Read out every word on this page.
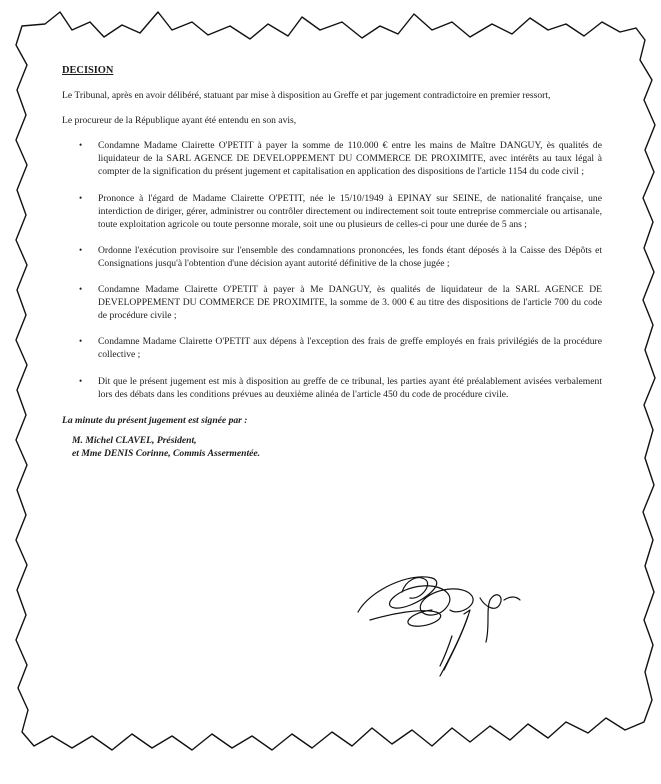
DECISION

Le Tribunal, après en avoir délibéré, statuant par mise à disposition au Greffe et par jugement contradictoire en premier ressort,

Le procureur de la République ayant été entendu en son avis,

• Condamne Madame Clairette O'PETIT à payer la somme de 110.000 € entre les mains de Maître DANGUY, ès qualités de liquidateur de la SARL AGENCE DE DEVELOPPEMENT DU COMMERCE DE PROXIMITE, avec intérêts au taux légal à compter de la signification du présent jugement et capitalisation en application des dispositions de l'article 1154 du code civil ;
• Prononce à l'égard de Madame Clairette O'PETIT, née le 15/10/1949 à EPINAY sur SEINE, de nationalité française, une interdiction de diriger, gérer, administrer ou contrôler directement ou indirectement soit toute entreprise commerciale ou artisanale, toute exploitation agricole ou toute personne morale, soit une ou plusieurs de celles-ci pour une durée de 5 ans ;
• Ordonne l'exécution provisoire sur l'ensemble des condamnations prononcées, les fonds étant déposés à la Caisse des Dépôts et Consignations jusqu'à l'obtention d'une décision ayant autorité définitive de la chose jugée ;
• Condamne Madame Clairette O'PETIT à payer à Me DANGUY, ès qualités de liquidateur de la SARL AGENCE DE DEVELOPPEMENT DU COMMERCE DE PROXIMITE, la somme de 3. 000 € au titre des dispositions de l'article 700 du code de procédure civile ;
• Condamne Madame Clairette O'PETIT aux dépens à l'exception des frais de greffe employés en frais privilégiés de la procédure collective ;
• Dit que le présent jugement est mis à disposition au greffe de ce tribunal, les parties ayant été préalablement avisées verbalement lors des débats dans les conditions prévues au deuxième alinéa de l'article 450 du code de procédure civile.

La minute du présent jugement est signée par :

M. Michel CLAVEL, Président,

et Mme DENIS Corinne, Commis Assermentée.
